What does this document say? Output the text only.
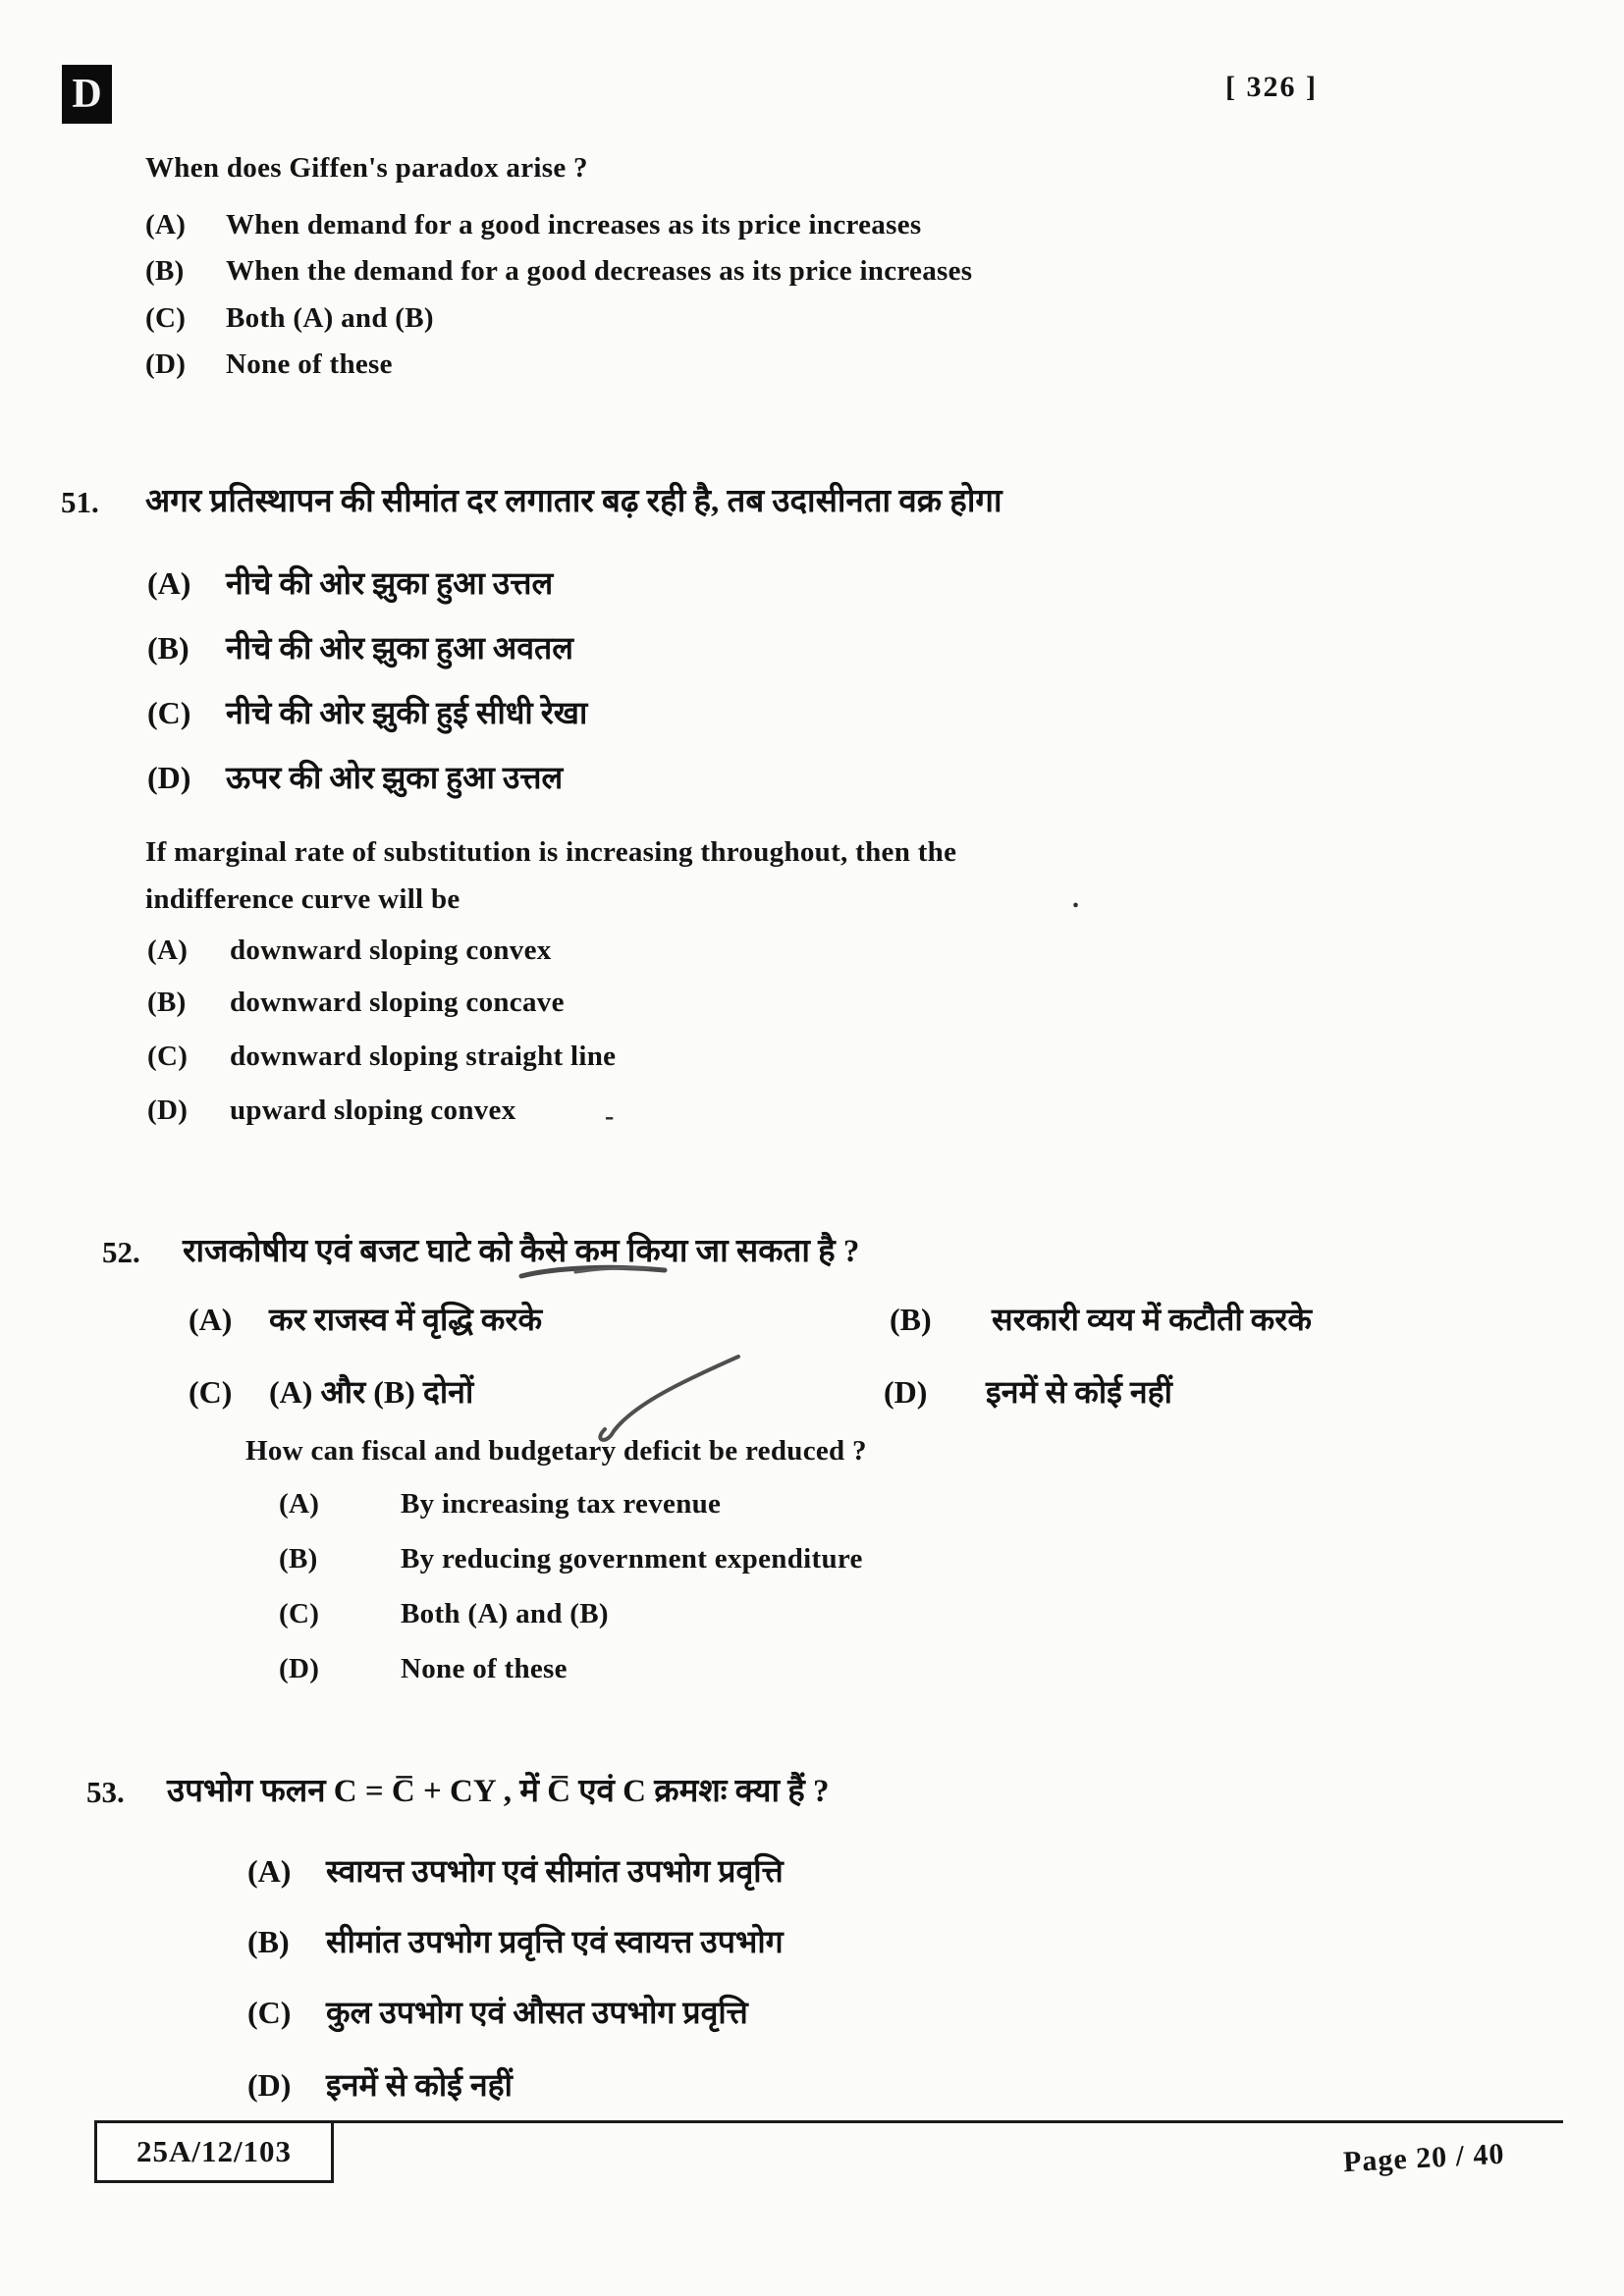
D	[ 326 ]
When does Giffen's paradox arise ?
(A)	When demand for a good increases as its price increases
(B)	When the demand for a good decreases as its price increases
(C)	Both (A) and (B)
(D)	None of these
51. अगर प्रतिस्थापन की सीमांत दर लगातार बढ़ रही है, तब उदासीनता वक्र होगा
(A)	नीचे की ओर झुका हुआ उत्तल
(B)	नीचे की ओर झुका हुआ अवतल
(C)	नीचे की ओर झुकी हुई सीधी रेखा
(D)	ऊपर की ओर झुका हुआ उत्तल
If marginal rate of substitution is increasing throughout, then the
indifference curve will be	.
(A)	downward sloping convex
(B)	downward sloping concave
(C)	downward sloping straight line
(D)	upward sloping convex	-
52. राजकोषीय एवं बजट घाटे को कैसे कम किया जा सकता है ?
(A)	कर राजस्व में वृद्धि करके	(B)	सरकारी व्यय में कटौती करके
(C)	(A) और (B) दोनों	(D)	इनमें से कोई नहीं
How can fiscal and budgetary deficit be reduced ?
(A)	By increasing tax revenue
(B)	By reducing government expenditure
(C)	Both (A) and (B)
(D)	None of these
53. उपभोग फलन C = C̅ + CY , में C̅ एवं C क्रमशः क्या हैं ?
(A)	स्वायत्त उपभोग एवं सीमांत उपभोग प्रवृत्ति
(B)	सीमांत उपभोग प्रवृत्ति एवं स्वायत्त उपभोग
(C)	कुल उपभोग एवं औसत उपभोग प्रवृत्ति
(D)	इनमें से कोई नहीं
25A/12/103	Page 20 / 40
